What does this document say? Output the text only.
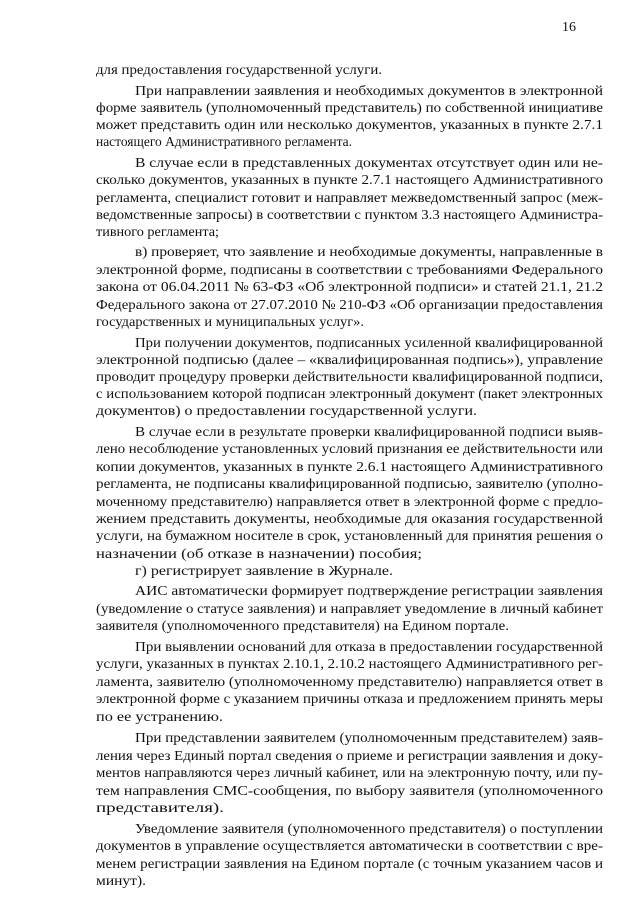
16
для предоставления государственной услуги.
При направлении заявления и необходимых документов в электронной
форме заявитель (уполномоченный представитель) по собственной инициативе
может представить один или несколько документов, указанных в пункте 2.7.1
настоящего Административного регламента.
В случае если в представленных документах отсутствует один или не-
сколько документов, указанных в пункте 2.7.1 настоящего Административного
регламента, специалист готовит и направляет межведомственный запрос (меж-
ведомственные запросы) в соответствии с пунктом 3.3 настоящего Администра-
тивного регламента;
в) проверяет, что заявление и необходимые документы, направленные в
электронной форме, подписаны в соответствии с требованиями Федерального
закона от 06.04.2011 № 63-ФЗ «Об электронной подписи» и статей 21.1, 21.2
Федерального закона от 27.07.2010 № 210-ФЗ «Об организации предоставления
государственных и муниципальных услуг».
При получении документов, подписанных усиленной квалифицированной
электронной подписью (далее – «квалифицированная подпись»), управление
проводит процедуру проверки действительности квалифицированной подписи,
с использованием которой подписан электронный документ (пакет электронных
документов) о предоставлении государственной услуги.
В случае если в результате проверки квалифицированной подписи выяв-
лено несоблюдение установленных условий признания ее действительности или
копии документов, указанных в пункте 2.6.1 настоящего Административного
регламента, не подписаны квалифицированной подписью, заявителю (уполно-
моченному представителю) направляется ответ в электронной форме с предло-
жением представить документы, необходимые для оказания государственной
услуги, на бумажном носителе в срок, установленный для принятия решения о
назначении (об отказе в назначении) пособия;
г) регистрирует заявление в Журнале.
АИС автоматически формирует подтверждение регистрации заявления
(уведомление о статусе заявления) и направляет уведомление в личный кабинет
заявителя (уполномоченного представителя) на Едином портале.
При выявлении оснований для отказа в предоставлении государственной
услуги, указанных в пунктах 2.10.1, 2.10.2 настоящего Административного рег-
ламента, заявителю (уполномоченному представителю) направляется ответ в
электронной форме с указанием причины отказа и предложением принять меры
по ее устранению.
При представлении заявителем (уполномоченным представителем) заяв-
ления через Единый портал сведения о приеме и регистрации заявления и доку-
ментов направляются через личный кабинет, или на электронную почту, или пу-
тем направления СМС-сообщения, по выбору заявителя (уполномоченного
представителя).
Уведомление заявителя (уполномоченного представителя) о поступлении
документов в управление осуществляется автоматически в соответствии с вре-
менем регистрации заявления на Едином портале (с точным указанием часов и
минут).
